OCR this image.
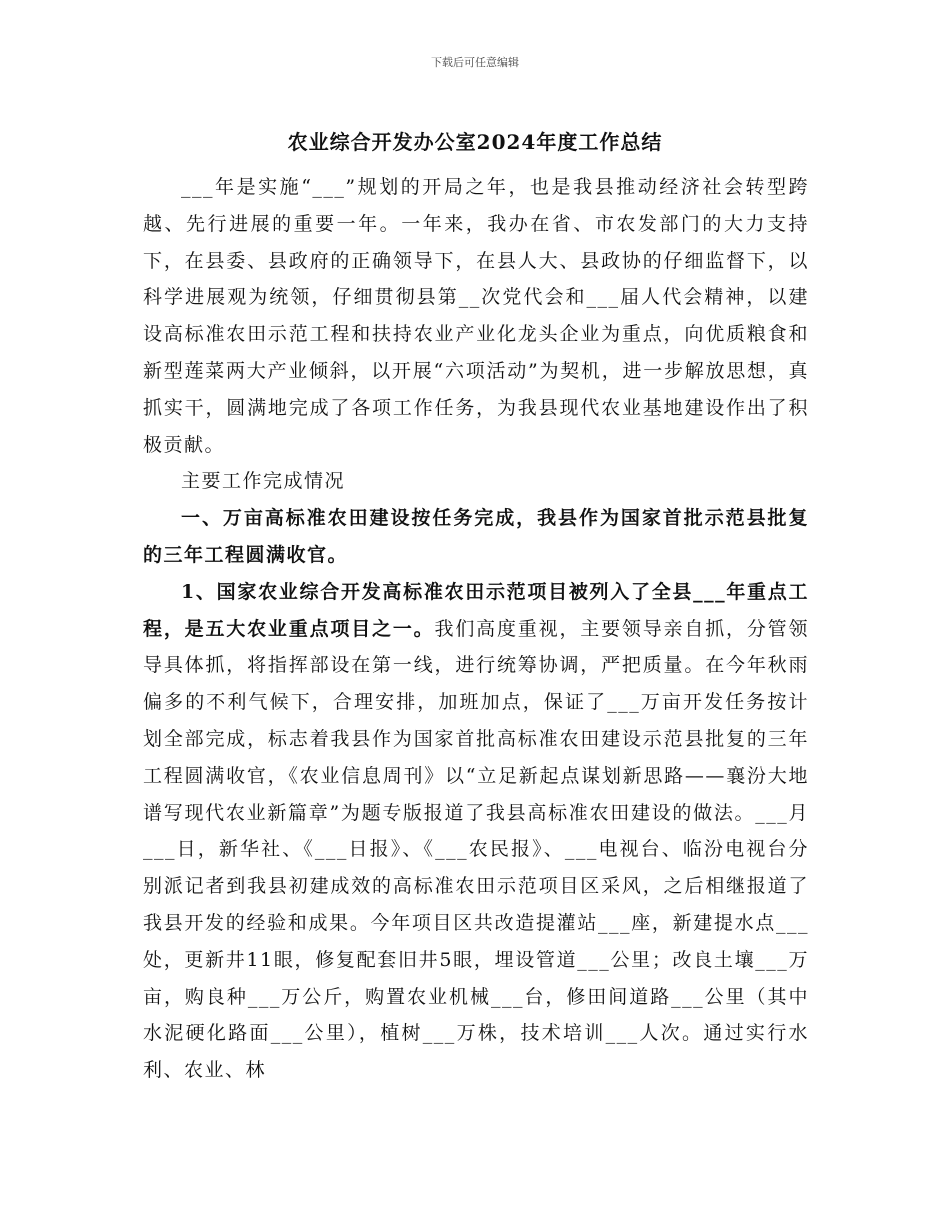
下载后可任意编辑
农业综合开发办公室2024年度工作总结

___年是实施“___”规划的开局之年，也是我县推动经济社会转型跨越、先行进展的重要一年。一年来，我办在省、市农发部门的大力支持下，在县委、县政府的正确领导下，在县人大、县政协的仔细监督下，以科学进展观为统领，仔细贯彻县第__次党代会和___届人代会精神，以建设高标准农田示范工程和扶持农业产业化龙头企业为重点，向优质粮食和新型莲菜两大产业倾斜，以开展“六项活动”为契机，进一步解放思想，真抓实干，圆满地完成了各项工作任务，为我县现代农业基地建设作出了积极贡献。

主要工作完成情况

一、万亩高标准农田建设按任务完成，我县作为国家首批示范县批复的三年工程圆满收官。

1、国家农业综合开发高标准农田示范项目被列入了全县___年重点工程，是五大农业重点项目之一。我们高度重视，主要领导亲自抓，分管领导具体抓，将指挥部设在第一线，进行统筹协调，严把质量。在今年秋雨偏多的不利气候下，合理安排，加班加点，保证了___万亩开发任务按计划全部完成，标志着我县作为国家首批高标准农田建设示范县批复的三年工程圆满收官，《农业信息周刊》以“立足新起点谋划新思路——襄汾大地谱写现代农业新篇章”为题专版报道了我县高标准农田建设的做法。___月___日，新华社、《___日报》、《___农民报》、___电视台、临汾电视台分别派记者到我县初建成效的高标准农田示范项目区采风，之后相继报道了我县开发的经验和成果。今年项目区共改造提灌站___座，新建提水点___处，更新井11眼，修复配套旧井5眼，埋设管道___公里；改良土壤___万亩，购良种___万公斤，购置农业机械___台，修田间道路___公里（其中水泥硬化路面___公里），植树___万株，技术培训___人次。通过实行水利、农业、林
